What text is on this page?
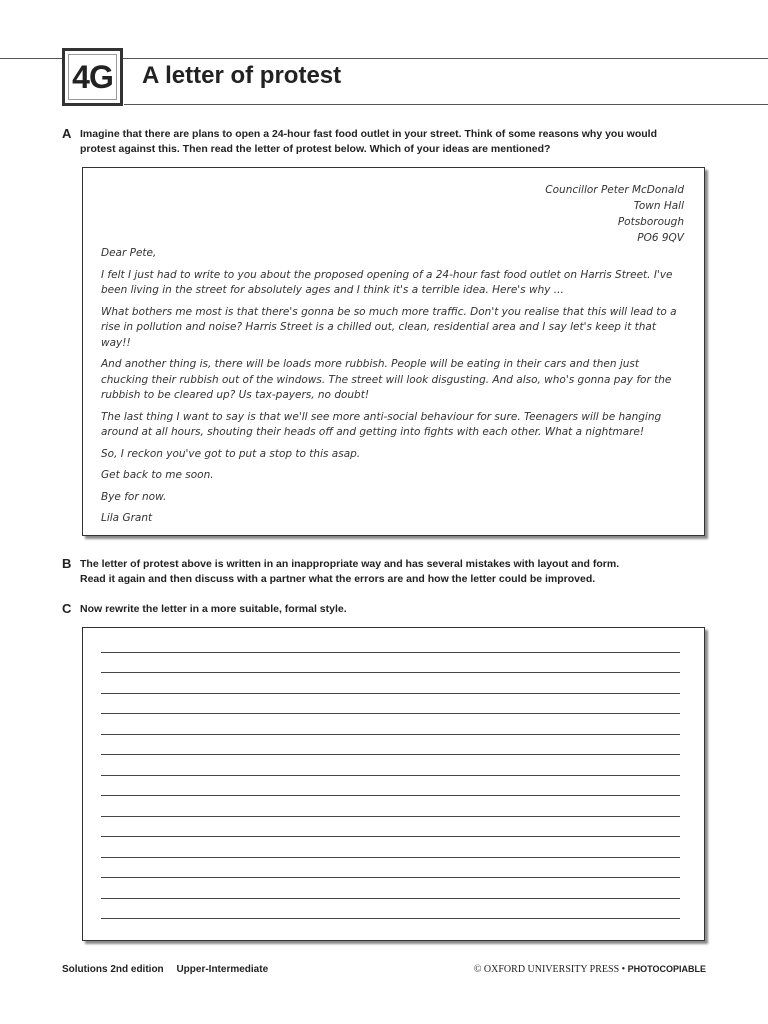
4G	A letter of protest
A Imagine that there are plans to open a 24-hour fast food outlet in your street. Think of some reasons why you would
protest against this. Then read the letter of protest below. Which of your ideas are mentioned?
Councillor Peter McDonald
Town Hall
Potsborough
PO6 9QV
Dear Pete,
I felt I just had to write to you about the proposed opening of a 24-hour fast food outlet on Harris Street. I've been living in the street for absolutely ages and I think it's a terrible idea. Here's why ...
What bothers me most is that there's gonna be so much more traffic. Don't you realise that this will lead to a rise in pollution and noise? Harris Street is a chilled out, clean, residential area and I say let's keep it that way!!
And another thing is, there will be loads more rubbish. People will be eating in their cars and then just chucking their rubbish out of the windows. The street will look disgusting. And also, who's gonna pay for the rubbish to be cleared up? Us tax-payers, no doubt!
The last thing I want to say is that we'll see more anti-social behaviour for sure. Teenagers will be hanging around at all hours, shouting their heads off and getting into fights with each other. What a nightmare!
So, I reckon you've got to put a stop to this asap.
Get back to me soon.
Bye for now.
Lila Grant
B The letter of protest above is written in an inappropriate way and has several mistakes with layout and form.
Read it again and then discuss with a partner what the errors are and how the letter could be improved.
C Now rewrite the letter in a more suitable, formal style.
Solutions 2nd edition Upper-Intermediate	© OXFORD UNIVERSITY PRESS • PHOTOCOPIABLE
